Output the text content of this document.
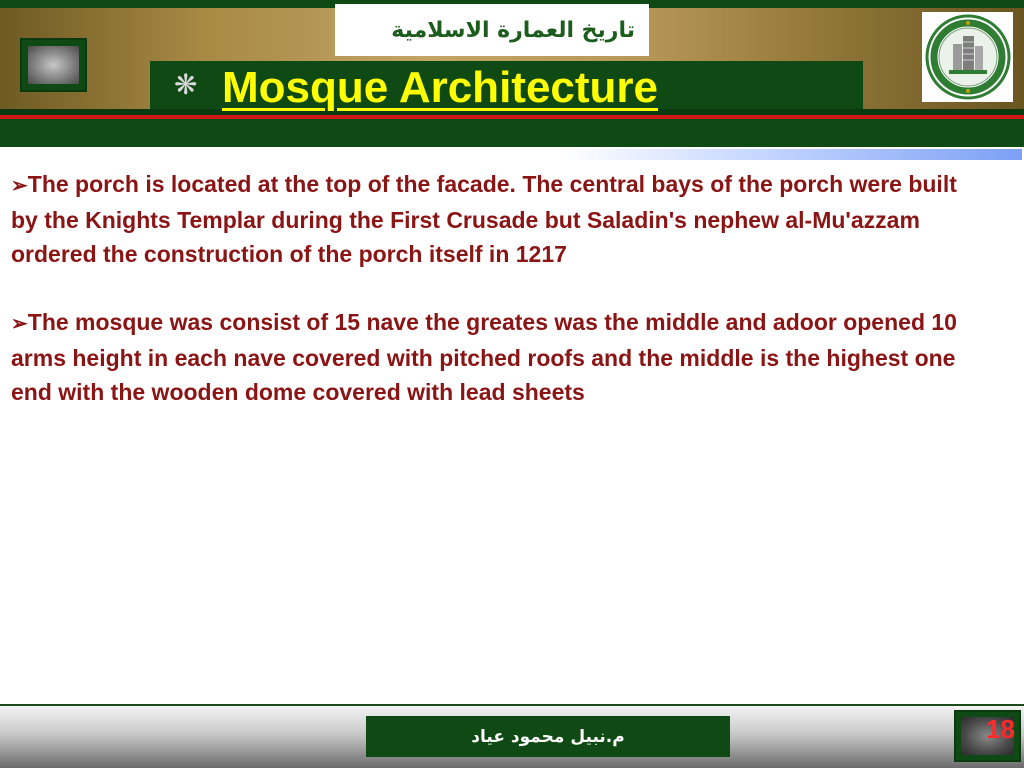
تاريخ العمارة الاسلامية
❋ Mosque Architecture

➢The porch is located at the top of the facade. The central bays of the porch were built by the Knights Templar during the First Crusade but Saladin's nephew al-Mu'azzam ordered the construction of the porch itself in 1217

➢The mosque was consist of 15 nave the greates was the middle and adoor opened 10 arms height in each nave covered with pitched roofs and the middle is the highest one end with the wooden dome covered with lead sheets

م.نبيل محمود عياد	18
